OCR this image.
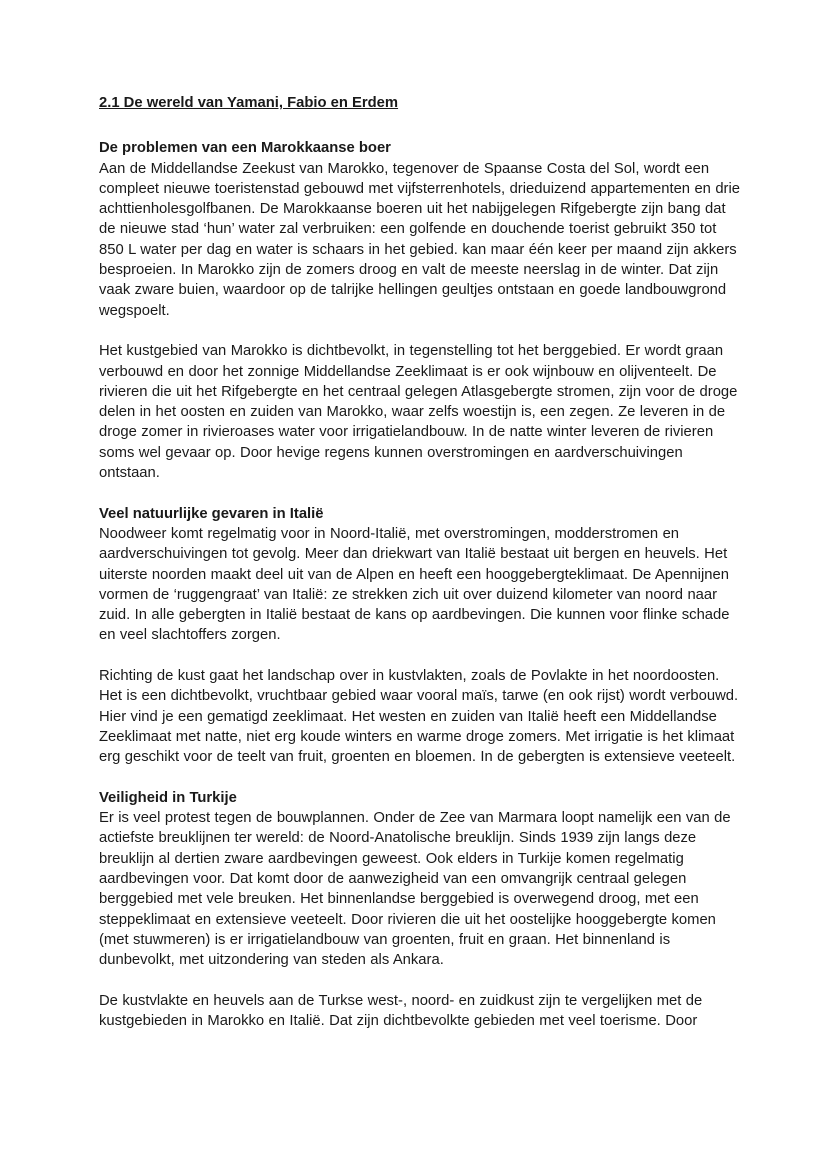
2.1 De wereld van Yamani, Fabio en Erdem
De problemen van een Marokkaanse boer

Aan de Middellandse Zeekust van Marokko, tegenover de Spaanse Costa del Sol, wordt een compleet nieuwe toeristenstad gebouwd met vijfsterrenhotels, drieduizend appartementen en drie achttienholesgolfbanen. De Marokkaanse boeren uit het nabijgelegen Rifgebergte zijn bang dat de nieuwe stad ‘hun’ water zal verbruiken: een golfende en douchende toerist gebruikt 350 tot 850 L water per dag en water is schaars in het gebied. kan maar één keer per maand zijn akkers besproeien. In Marokko zijn de zomers droog en valt de meeste neerslag in de winter. Dat zijn vaak zware buien, waardoor op de talrijke hellingen geultjes ontstaan en goede landbouwgrond wegspoelt.

Het kustgebied van Marokko is dichtbevolkt, in tegenstelling tot het berggebied. Er wordt graan verbouwd en door het zonnige Middellandse Zeeklimaat is er ook wijnbouw en olijventeelt. De rivieren die uit het Rifgebergte en het centraal gelegen Atlasgebergte stromen, zijn voor de droge delen in het oosten en zuiden van Marokko, waar zelfs woestijn is, een zegen. Ze leveren in de droge zomer in rivieroases water voor irrigatielandbouw. In de natte winter leveren de rivieren soms wel gevaar op. Door hevige regens kunnen overstromingen en aardverschuivingen ontstaan.

Veel natuurlijke gevaren in Italië

Noodweer komt regelmatig voor in Noord-Italië, met overstromingen, modderstromen en aardverschuivingen tot gevolg. Meer dan driekwart van Italië bestaat uit bergen en heuvels. Het uiterste noorden maakt deel uit van de Alpen en heeft een hooggebergteklimaat. De Apennijnen vormen de ‘ruggengraat’ van Italië: ze strekken zich uit over duizend kilometer van noord naar zuid. In alle gebergten in Italië bestaat de kans op aardbevingen. Die kunnen voor flinke schade en veel slachtoffers zorgen.

Richting de kust gaat het landschap over in kustvlakten, zoals de Povlakte in het noordoosten. Het is een dichtbevolkt, vruchtbaar gebied waar vooral maïs, tarwe (en ook rijst) wordt verbouwd. Hier vind je een gematigd zeeklimaat. Het westen en zuiden van Italië heeft een Middellandse Zeeklimaat met natte, niet erg koude winters en warme droge zomers. Met irrigatie is het klimaat erg geschikt voor de teelt van fruit, groenten en bloemen. In de gebergten is extensieve veeteelt.

Veiligheid in Turkije

Er is veel protest tegen de bouwplannen. Onder de Zee van Marmara loopt namelijk een van de actiefste breuklijnen ter wereld: de Noord-Anatolische breuklijn. Sinds 1939 zijn langs deze breuklijn al dertien zware aardbevingen geweest. Ook elders in Turkije komen regelmatig aardbevingen voor. Dat komt door de aanwezigheid van een omvangrijk centraal gelegen berggebied met vele breuken. Het binnenlandse berggebied is overwegend droog, met een steppeklimaat en extensieve veeteelt. Door rivieren die uit het oostelijke hooggebergte komen (met stuwmeren) is er irrigatielandbouw van groenten, fruit en graan. Het binnenland is dunbevolkt, met uitzondering van steden als Ankara.

De kustvlakte en heuvels aan de Turkse west-, noord- en zuidkust zijn te vergelijken met de kustgebieden in Marokko en Italië. Dat zijn dichtbevolkte gebieden met veel toerisme. Door
